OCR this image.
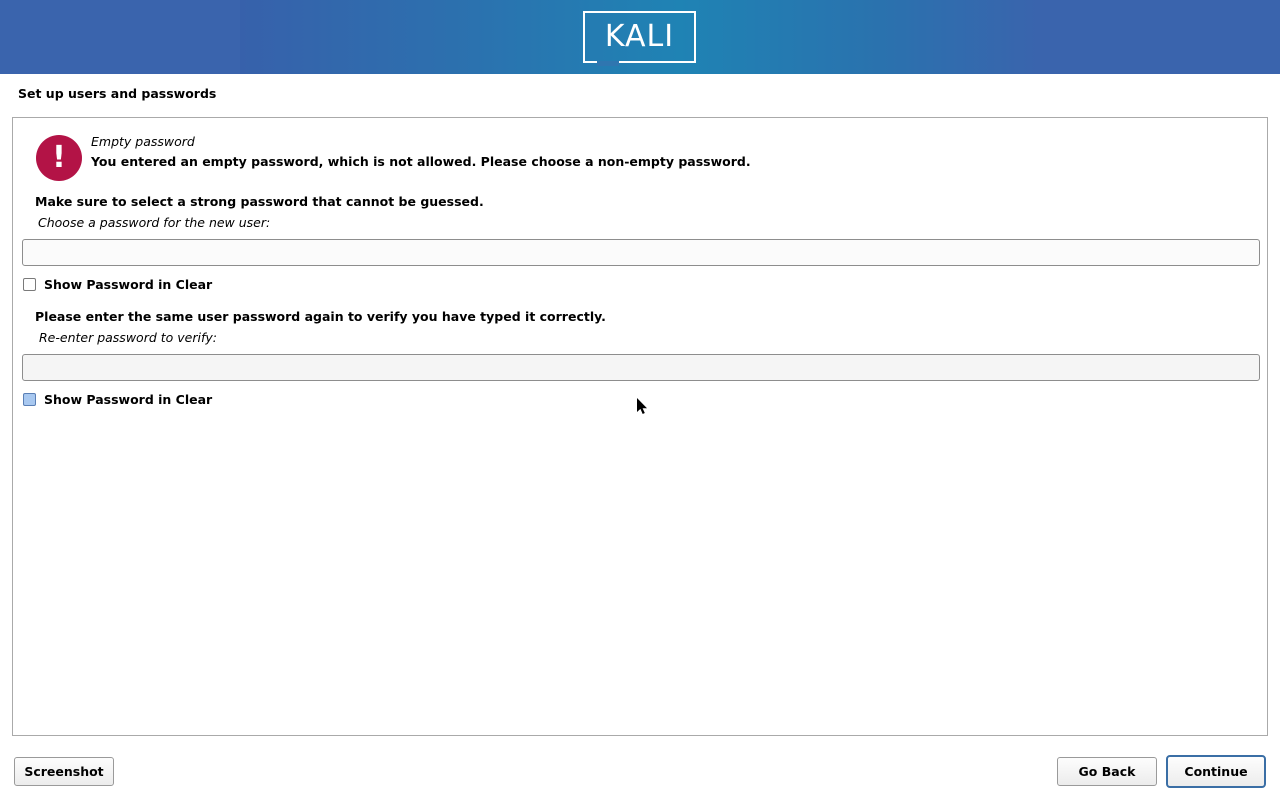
KALI
Set up users and passwords
! Empty password
You entered an empty password, which is not allowed. Please choose a non-empty password.
Make sure to select a strong password that cannot be guessed.
Choose a password for the new user:
Show Password in Clear
Please enter the same user password again to verify you have typed it correctly.
Re-enter password to verify:
Show Password in Clear
Screenshot	Go Back	Continue
